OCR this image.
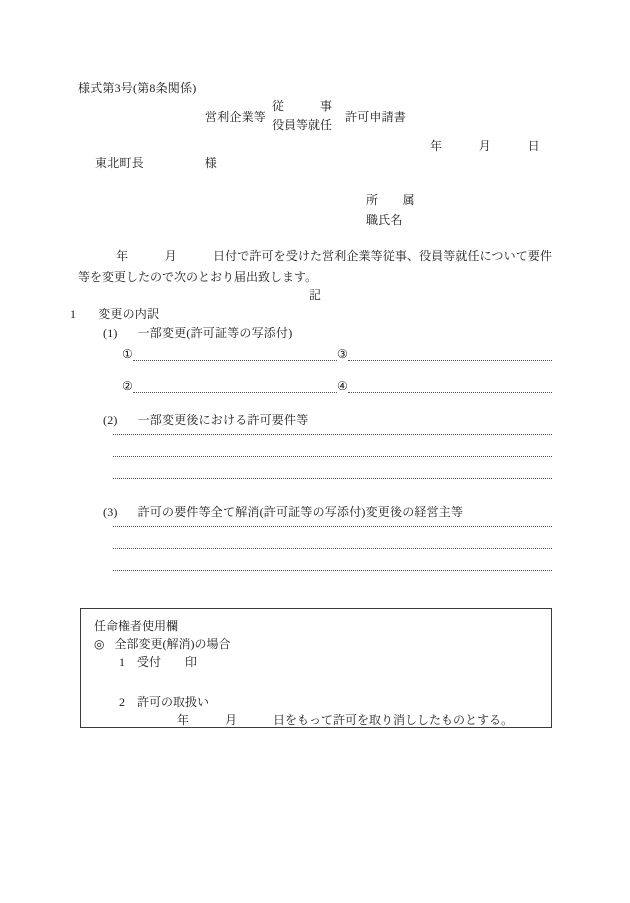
様式第3号(第8条関係)
営利企業等
従　　　事
役員等就任
許可申請書
年　　　月　　　日
東北町長　　　　　様
所　　属
職氏名
年　　　月　　　日付で許可を受けた営利企業等従事、役員等就任について要件等を変更したので次のとおり届出致します。
記
1 変更の内訳
(1) 一部変更(許可証等の写添付)
①	③
②	④
(2) 一部変更後における許可要件等
(3) 許可の要件等全て解消(許可証等の写添付)変更後の経営主等
任命権者使用欄
◎ 全部変更(解消)の場合
1 受付 印
2 許可の取扱い
年　　　月　　　日をもって許可を取り消ししたものとする。
